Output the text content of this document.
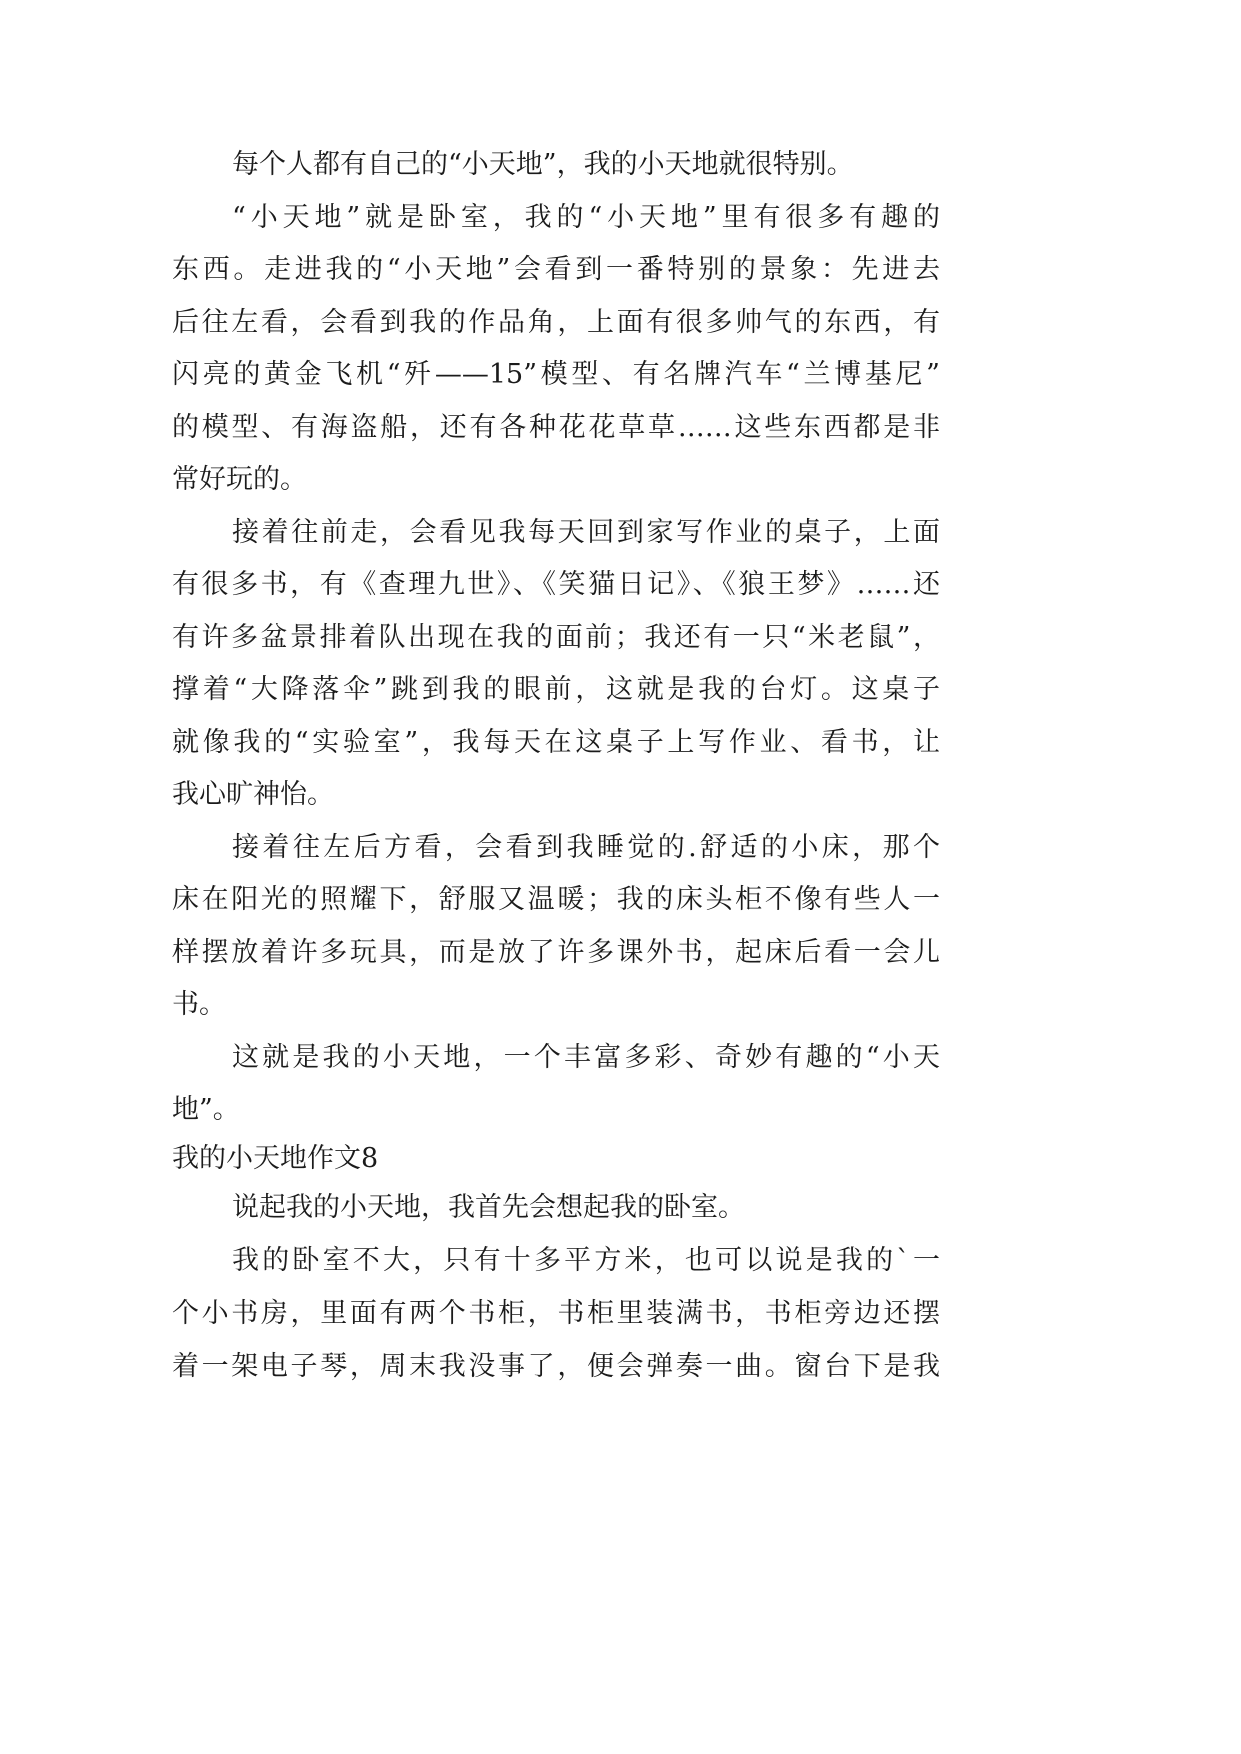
每个人都有自己的“小天地”，我的小天地就很特别。
“小天地”就是卧室，我的“小天地”里有很多有趣的
东西。走进我的“小天地”会看到一番特别的景象：先进去
后往左看，会看到我的作品角，上面有很多帅气的东西，有
闪亮的黄金飞机“歼——15”模型、有名牌汽车“兰博基尼”
的模型、有海盗船，还有各种花花草草……这些东西都是非
常好玩的。
接着往前走，会看见我每天回到家写作业的桌子，上面
有很多书，有《查理九世》、《笑猫日记》、《狼王梦》……还
有许多盆景排着队出现在我的面前；我还有一只“米老鼠”，
撑着“大降落伞”跳到我的眼前，这就是我的台灯。这桌子
就像我的“实验室”，我每天在这桌子上写作业、看书，让
我心旷神怡。
接着往左后方看，会看到我睡觉的.舒适的小床，那个
床在阳光的照耀下，舒服又温暖；我的床头柜不像有些人一
样摆放着许多玩具，而是放了许多课外书，起床后看一会儿
书。
这就是我的小天地，一个丰富多彩、奇妙有趣的“小天
地”。
我的小天地作文8
说起我的小天地，我首先会想起我的卧室。
我的卧室不大，只有十多平方米，也可以说是我的`一
个小书房，里面有两个书柜，书柜里装满书，书柜旁边还摆
着一架电子琴，周末我没事了，便会弹奏一曲。窗台下是我
